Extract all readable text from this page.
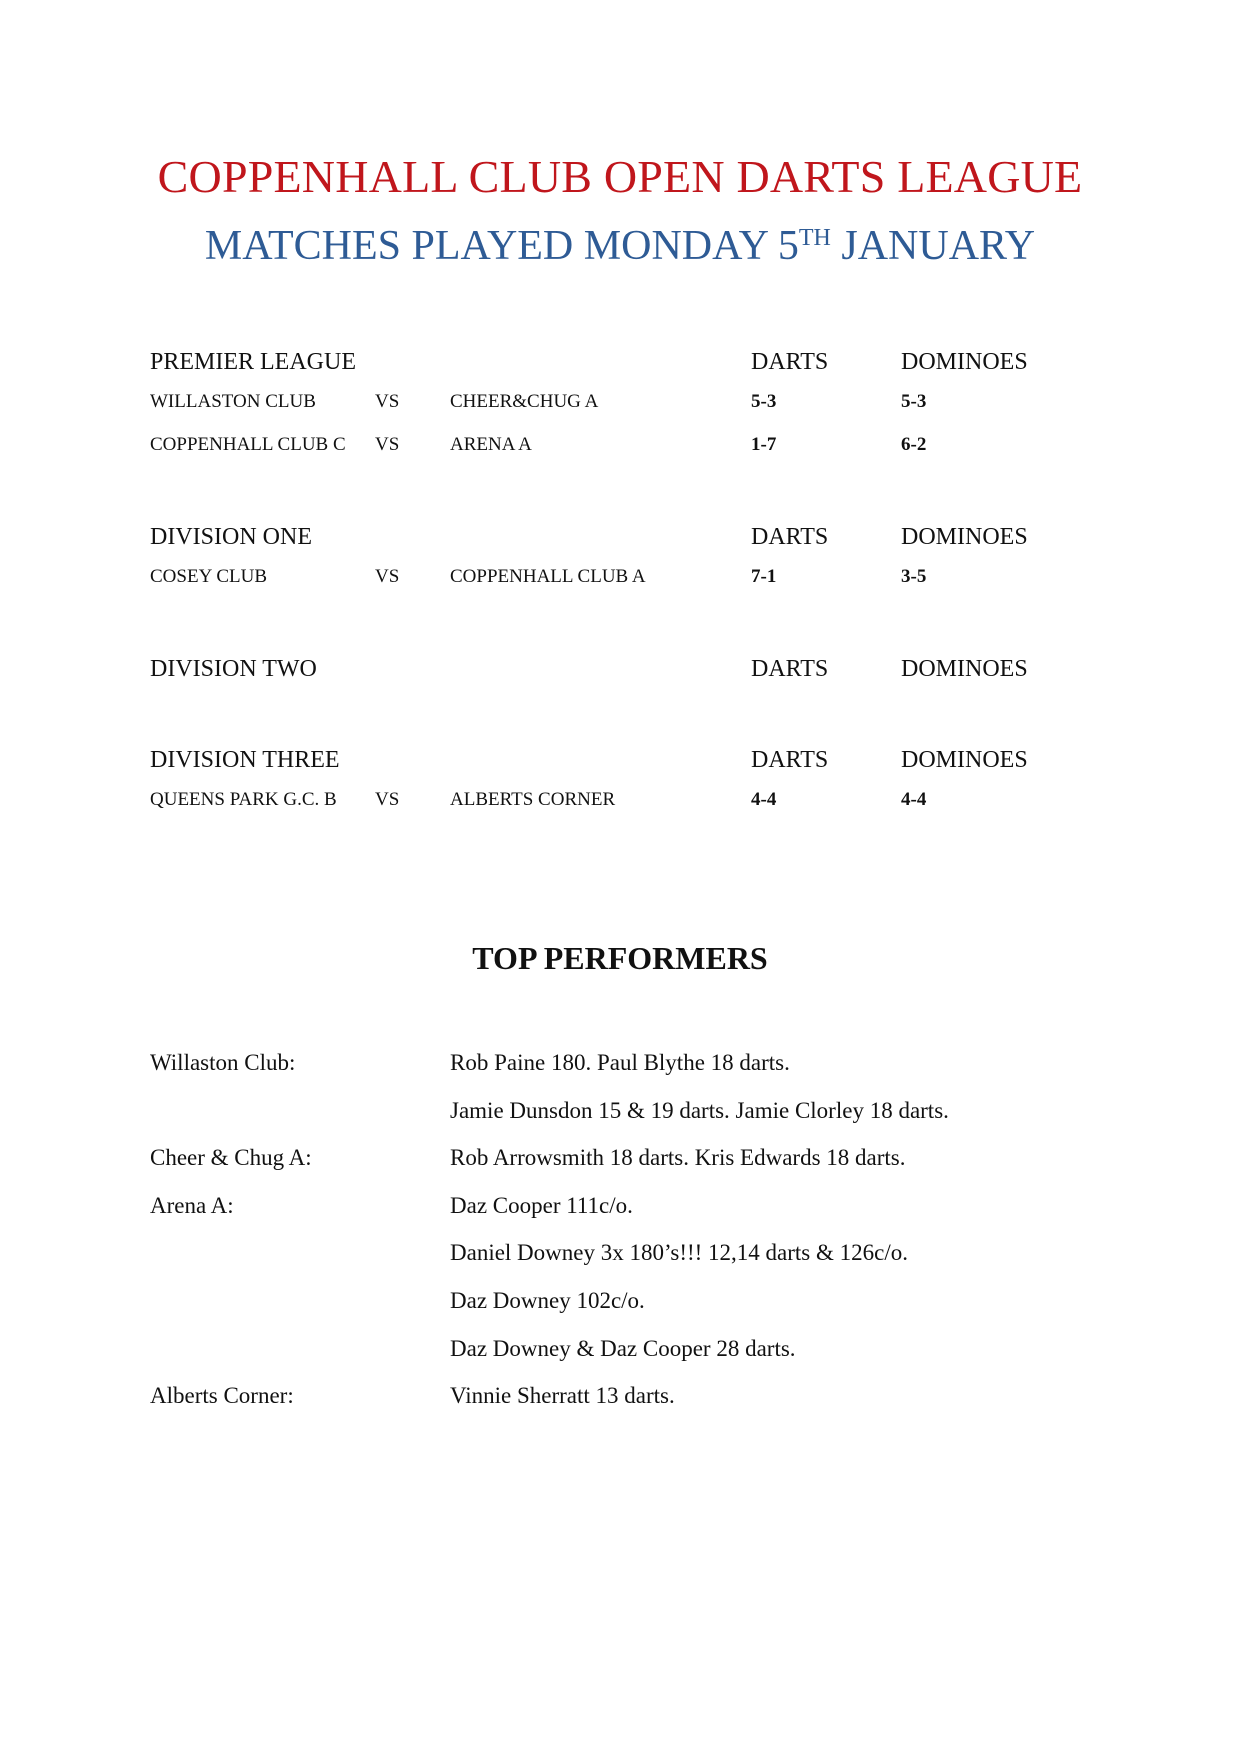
COPPENHALL CLUB OPEN DARTS LEAGUE
MATCHES PLAYED MONDAY 5TH JANUARY
PREMIER LEAGUE	DARTS	DOMINOES
WILLASTON CLUB	VS	CHEER&CHUG A	5-3	5-3
COPPENHALL CLUB C VS	ARENA A	1-7	6-2
DIVISION ONE	DARTS	DOMINOES
COSEY CLUB	VS	COPPENHALL CLUB A	7-1	3-5
DIVISION TWO	DARTS	DOMINOES
DIVISION THREE	DARTS	DOMINOES
QUEENS PARK G.C. B VS	ALBERTS CORNER	4-4	4-4
TOP PERFORMERS
Willaston Club:	Rob Paine 180. Paul Blythe 18 darts.
Jamie Dunsdon 15 & 19 darts. Jamie Clorley 18 darts.
Cheer & Chug A:	Rob Arrowsmith 18 darts. Kris Edwards 18 darts.
Arena A:	Daz Cooper 111c/o.
Daniel Downey 3x 180’s!!! 12,14 darts & 126c/o.
Daz Downey 102c/o.
Daz Downey & Daz Cooper 28 darts.
Alberts Corner:	Vinnie Sherratt 13 darts.
